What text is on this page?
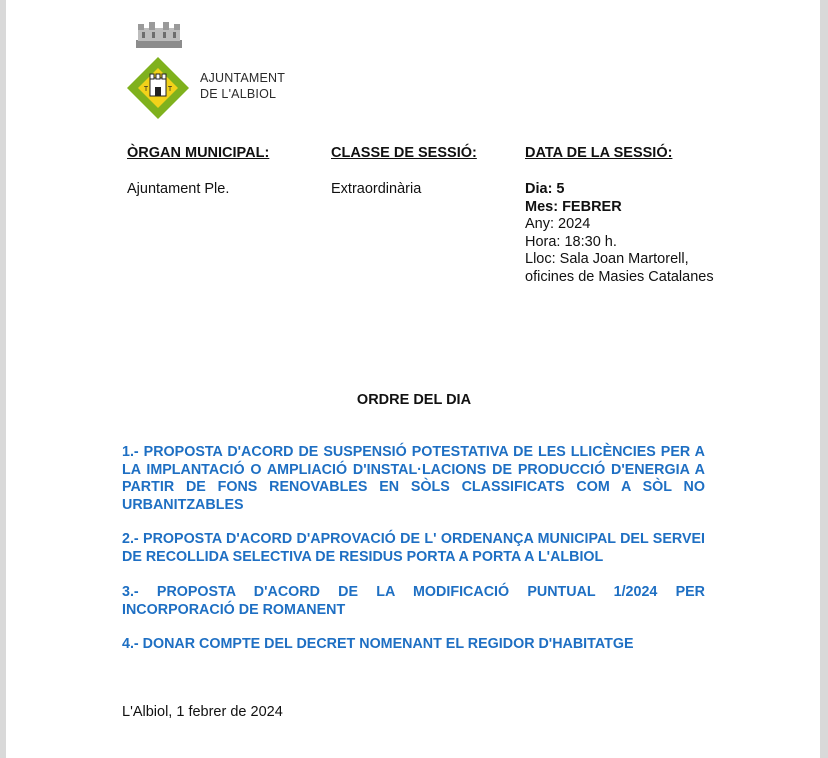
T	T
AJUNTAMENT
DE L'ALBIOL
ÒRGAN MUNICIPAL:	CLASSE DE SESSIÓ:	DATA DE LA SESSIÓ:
Ajuntament Ple.	Extraordinària	Dia: 5
Mes: FEBRER
Any: 2024
Hora: 18:30 h.
Lloc: Sala Joan Martorell, oficines de Masies Catalanes
ORDRE DEL DIA
1.- PROPOSTA D'ACORD DE SUSPENSIÓ POTESTATIVA DE LES LLICÈNCIES PER A LA IMPLANTACIÓ O AMPLIACIÓ D'INSTAL·LACIONS DE PRODUCCIÓ D'ENERGIA A PARTIR DE FONS RENOVABLES EN SÒLS CLASSIFICATS COM A SÒL NO URBANITZABLES
2.- PROPOSTA D'ACORD D'APROVACIÓ DE L' ORDENANÇA MUNICIPAL DEL SERVEI DE RECOLLIDA SELECTIVA DE RESIDUS PORTA A PORTA A L'ALBIOL
3.- PROPOSTA D'ACORD DE LA MODIFICACIÓ PUNTUAL 1/2024 PER INCORPORACIÓ DE ROMANENT
4.- DONAR COMPTE DEL DECRET NOMENANT EL REGIDOR D'HABITATGE
L'Albiol, 1 febrer de 2024
